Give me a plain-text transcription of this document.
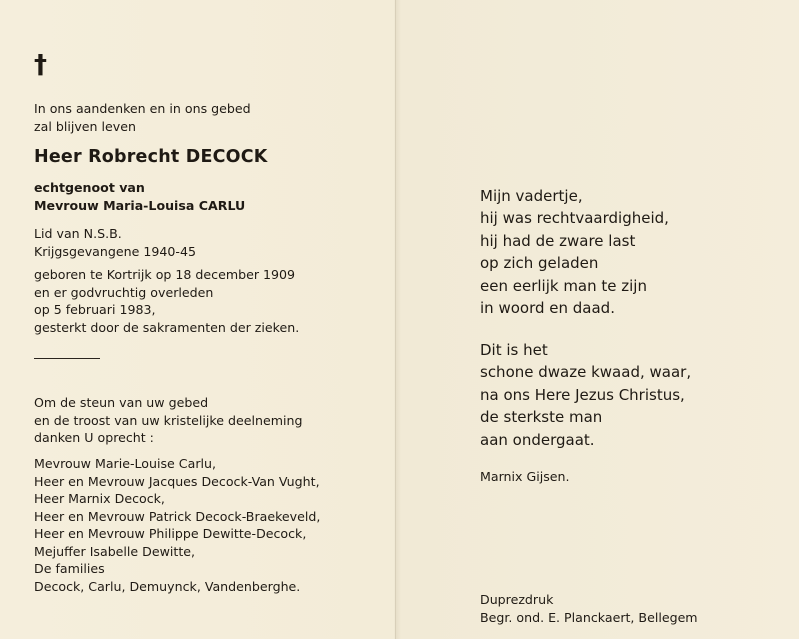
†
In ons aandenken en in ons gebed
zal blijven leven
Heer Robrecht DECOCK
echtgenoot van
Mevrouw Maria-Louisa CARLU
Lid van N.S.B.
Krijgsgevangene 1940-45
geboren te Kortrijk op 18 december 1909
en er godvruchtig overleden
op 5 februari 1983,
gesterkt door de sakramenten der zieken.
Om de steun van uw gebed
en de troost van uw kristelijke deelneming
danken U oprecht :
Mevrouw Marie-Louise Carlu,
Heer en Mevrouw Jacques Decock-Van Vught,
Heer Marnix Decock,
Heer en Mevrouw Patrick Decock-Braekeveld,
Heer en Mevrouw Philippe Dewitte-Decock,
Mejuffer Isabelle Dewitte,
De families
Decock, Carlu, Demuynck, Vandenberghe.
Mijn vadertje,
hij was rechtvaardigheid,
hij had de zware last
op zich geladen
een eerlijk man te zijn
in woord en daad.
Dit is het
schone dwaze kwaad, waar,
na ons Here Jezus Christus,
de sterkste man
aan ondergaat.
Marnix Gijsen.
Duprezdruk
Begr. ond. E. Planckaert, Bellegem
